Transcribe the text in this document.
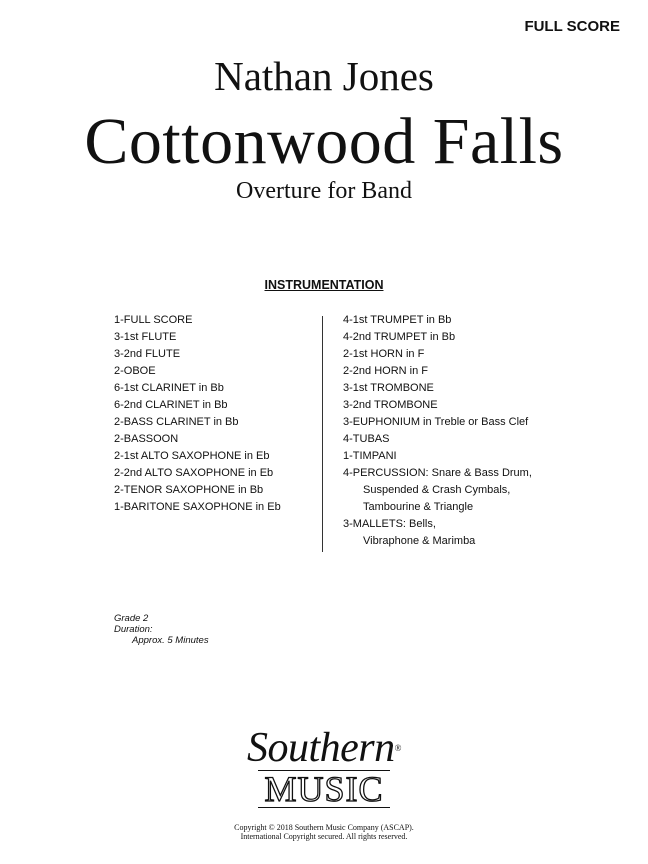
FULL SCORE
Nathan Jones
Cottonwood Falls
Overture for Band
INSTRUMENTATION
1-FULL SCORE
3-1st FLUTE
3-2nd FLUTE
2-OBOE
6-1st CLARINET in Bb
6-2nd CLARINET in Bb
2-BASS CLARINET in Bb
2-BASSOON
2-1st ALTO SAXOPHONE in Eb
2-2nd ALTO SAXOPHONE in Eb
2-TENOR SAXOPHONE in Bb
1-BARITONE SAXOPHONE in Eb
4-1st TRUMPET in Bb
4-2nd TRUMPET in Bb
2-1st HORN in F
2-2nd HORN in F
3-1st TROMBONE
3-2nd TROMBONE
3-EUPHONIUM in Treble or Bass Clef
4-TUBAS
1-TIMPANI
4-PERCUSSION: Snare & Bass Drum,
Suspended & Crash Cymbals,
Tambourine & Triangle
3-MALLETS: Bells,
Vibraphone & Marimba
Grade 2
Duration:
Approx. 5 Minutes
Southern®
MUSIC
Copyright © 2018 Southern Music Company (ASCAP).
International Copyright secured. All rights reserved.
